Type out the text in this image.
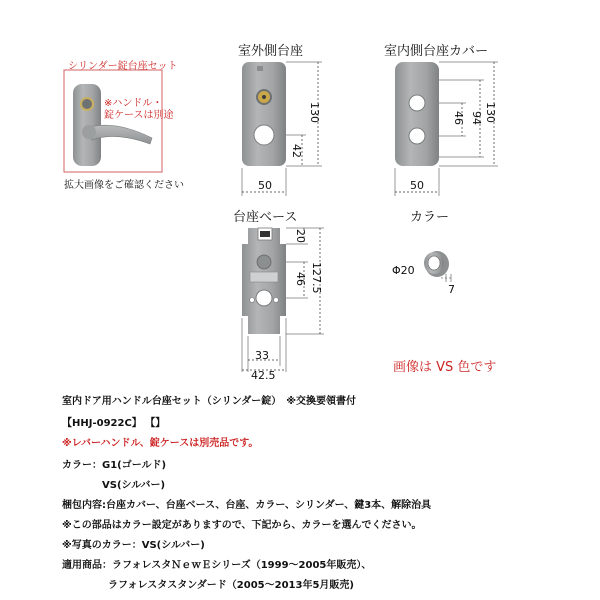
シリンダー錠台座セット
※ハンドル・
錠ケースは別途
拡大画像をご確認ください
室外側台座
130
42
50
室内側台座カバー
46 94 130
50
台座ベース
20
46 127.5
33
42.5
カラー
Φ20
7
画像は VS 色です
室内ドア用ハンドル台座セット（シリンダー錠）　※交換要領書付
【HHJ-0922C】 【】
※レバーハンドル、錠ケースは別売品です。
カラー：G1(ゴールド)
VS(シルバー)
梱包内容:台座カバー、台座ベース、台座、カラー、シリンダー、鍵3本、解除治具
※この部品はカラー設定がありますので、下記から、カラーを選んでください。
※写真のカラー：VS(シルバー)
適用商品：ラフォレスタＮｅｗＥシリーズ（1999～2005年販売）、
ラフォレスタスタンダード（2005～2013年5月販売)
